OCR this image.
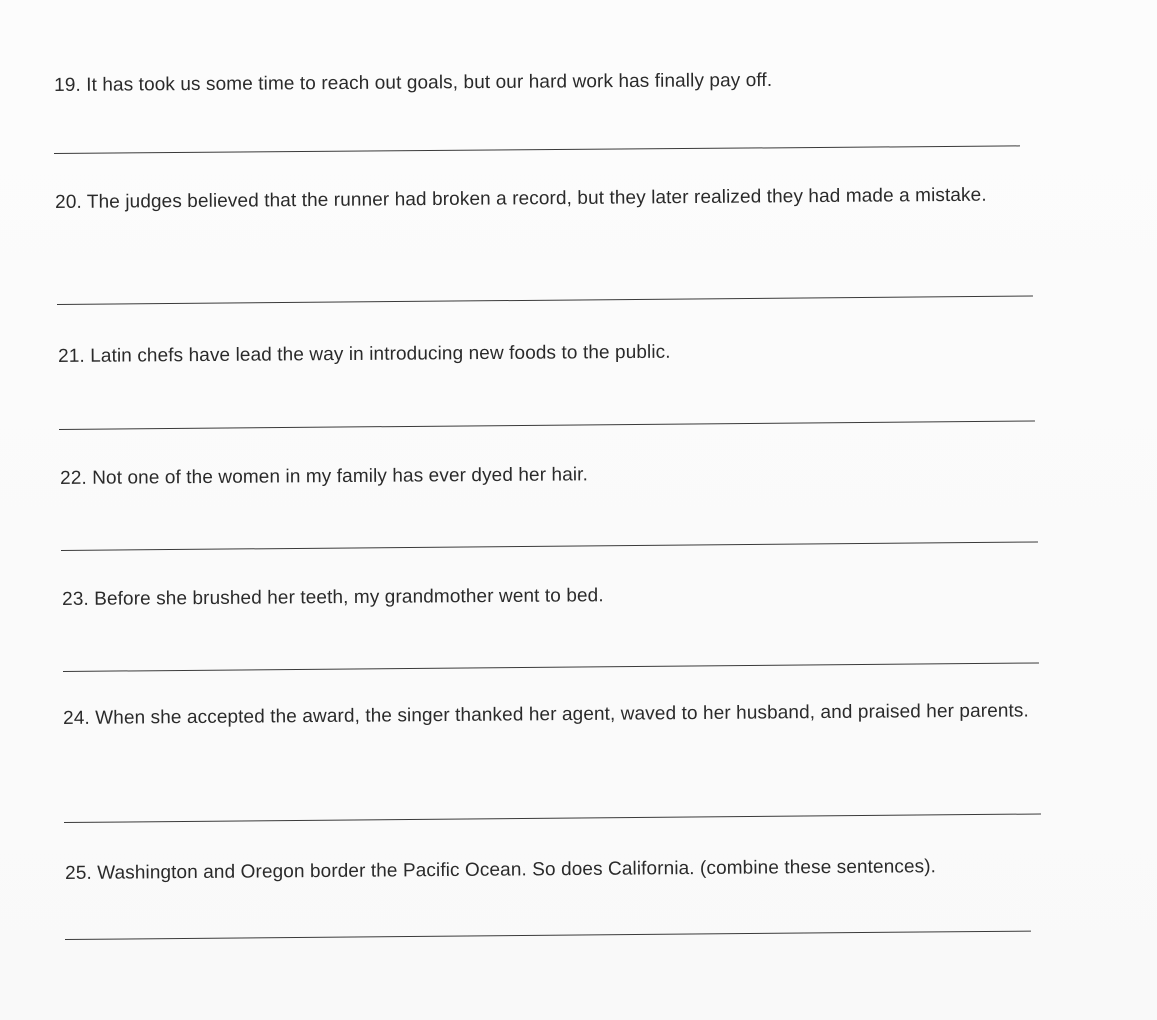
19. It has took us some time to reach out goals, but our hard work has finally pay off.
20. The judges believed that the runner had broken a record, but they later realized they had made a mistake.
21. Latin chefs have lead the way in introducing new foods to the public.
22. Not one of the women in my family has ever dyed her hair.
23. Before she brushed her teeth, my grandmother went to bed.
24. When she accepted the award, the singer thanked her agent, waved to her husband, and praised her parents.
25. Washington and Oregon border the Pacific Ocean. So does California. (combine these sentences).
